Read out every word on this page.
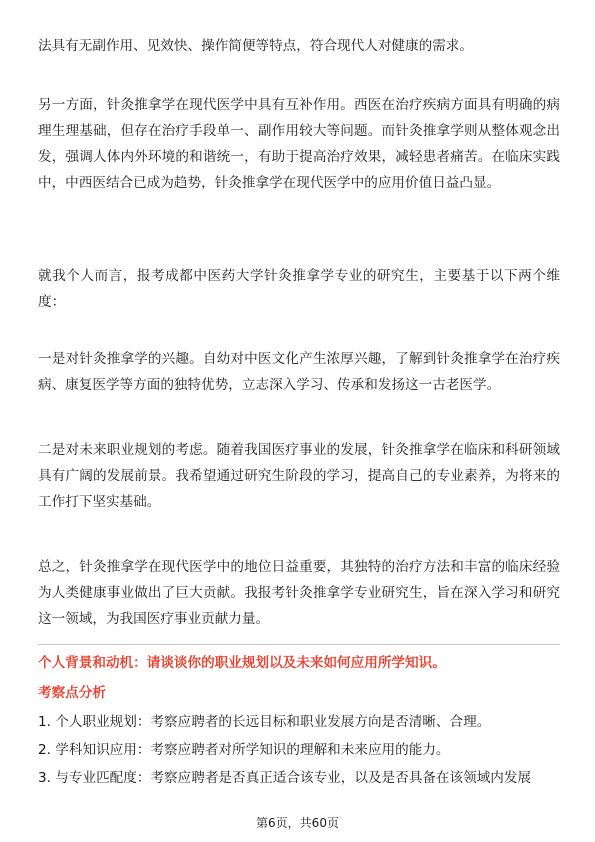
法具有无副作用、见效快、操作简便等特点，符合现代人对健康的需求。

另一方面，针灸推拿学在现代医学中具有互补作用。西医在治疗疾病方面具有明确的病理生理基础，但存在治疗手段单一、副作用较大等问题。而针灸推拿学则从整体观念出发，强调人体内外环境的和谐统一，有助于提高治疗效果，减轻患者痛苦。在临床实践中，中西医结合已成为趋势，针灸推拿学在现代医学中的应用价值日益凸显。

就我个人而言，报考成都中医药大学针灸推拿学专业的研究生，主要基于以下两个维度：

一是对针灸推拿学的兴趣。自幼对中医文化产生浓厚兴趣，了解到针灸推拿学在治疗疾病、康复医学等方面的独特优势，立志深入学习、传承和发扬这一古老医学。

二是对未来职业规划的考虑。随着我国医疗事业的发展，针灸推拿学在临床和科研领域具有广阔的发展前景。我希望通过研究生阶段的学习，提高自己的专业素养，为将来的工作打下坚实基础。

总之，针灸推拿学在现代医学中的地位日益重要，其独特的治疗方法和丰富的临床经验为人类健康事业做出了巨大贡献。我报考针灸推拿学专业研究生，旨在深入学习和研究这一领域，为我国医疗事业贡献力量。

个人背景和动机：请谈谈你的职业规划以及未来如何应用所学知识。
考察点分析
1. 个人职业规划：考察应聘者的长远目标和职业发展方向是否清晰、合理。
2. 学科知识应用：考察应聘者对所学知识的理解和未来应用的能力。
3. 与专业匹配度：考察应聘者是否真正适合该专业，以及是否具备在该领域内发展
第6页，共60页
